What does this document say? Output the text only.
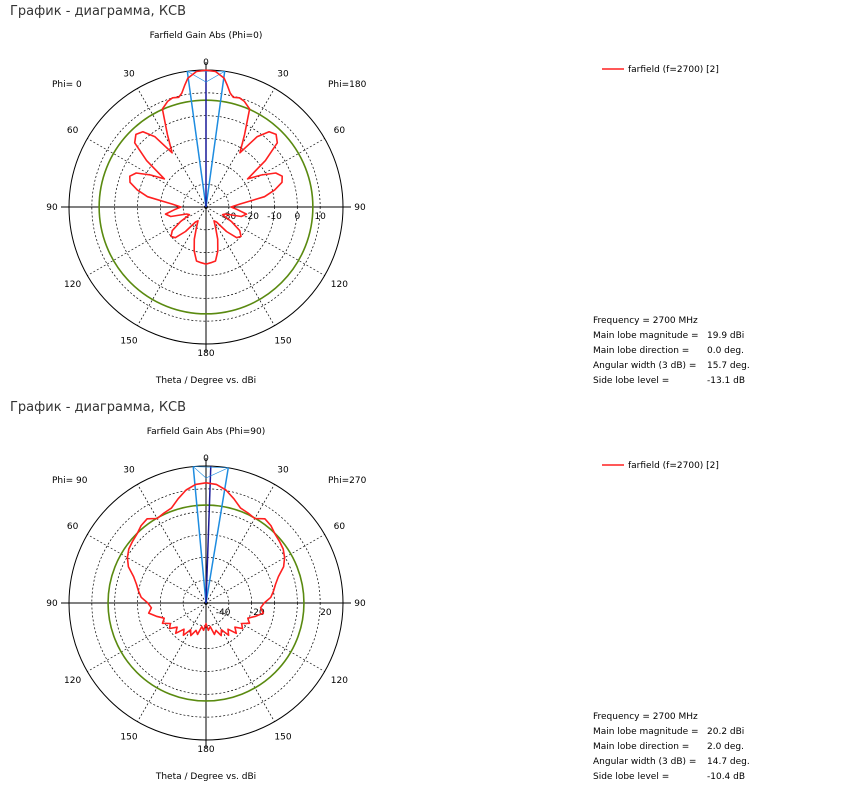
График - диаграмма, КСВ
Farfield Gain Abs (Phi=0)
Theta / Degree vs. dBi
0
30
60
90
120
150
180
150
120
90
60
30
Phi= 0	Phi=180
-30 -20 -10 0 10
farfield (f=2700) [2]
Frequency = 2700 MHz
Main lobe magnitude = 19.9 dBi
Main lobe direction = 0.0 deg.
Angular width (3 dB) = 15.7 deg.
Side lobe level =	-13.1 dB
График - диаграмма, КСВ
Farfield Gain Abs (Phi=90)
Theta / Degree vs. dBi
0
30
60
90
120
150
180
150
120
90
60
30
Phi= 90	Phi=270
-40 -20	20
farfield (f=2700) [2]
Frequency = 2700 MHz
Main lobe magnitude = 20.2 dBi
Main lobe direction = 2.0 deg.
Angular width (3 dB) = 14.7 deg.
Side lobe level =	-10.4 dB
